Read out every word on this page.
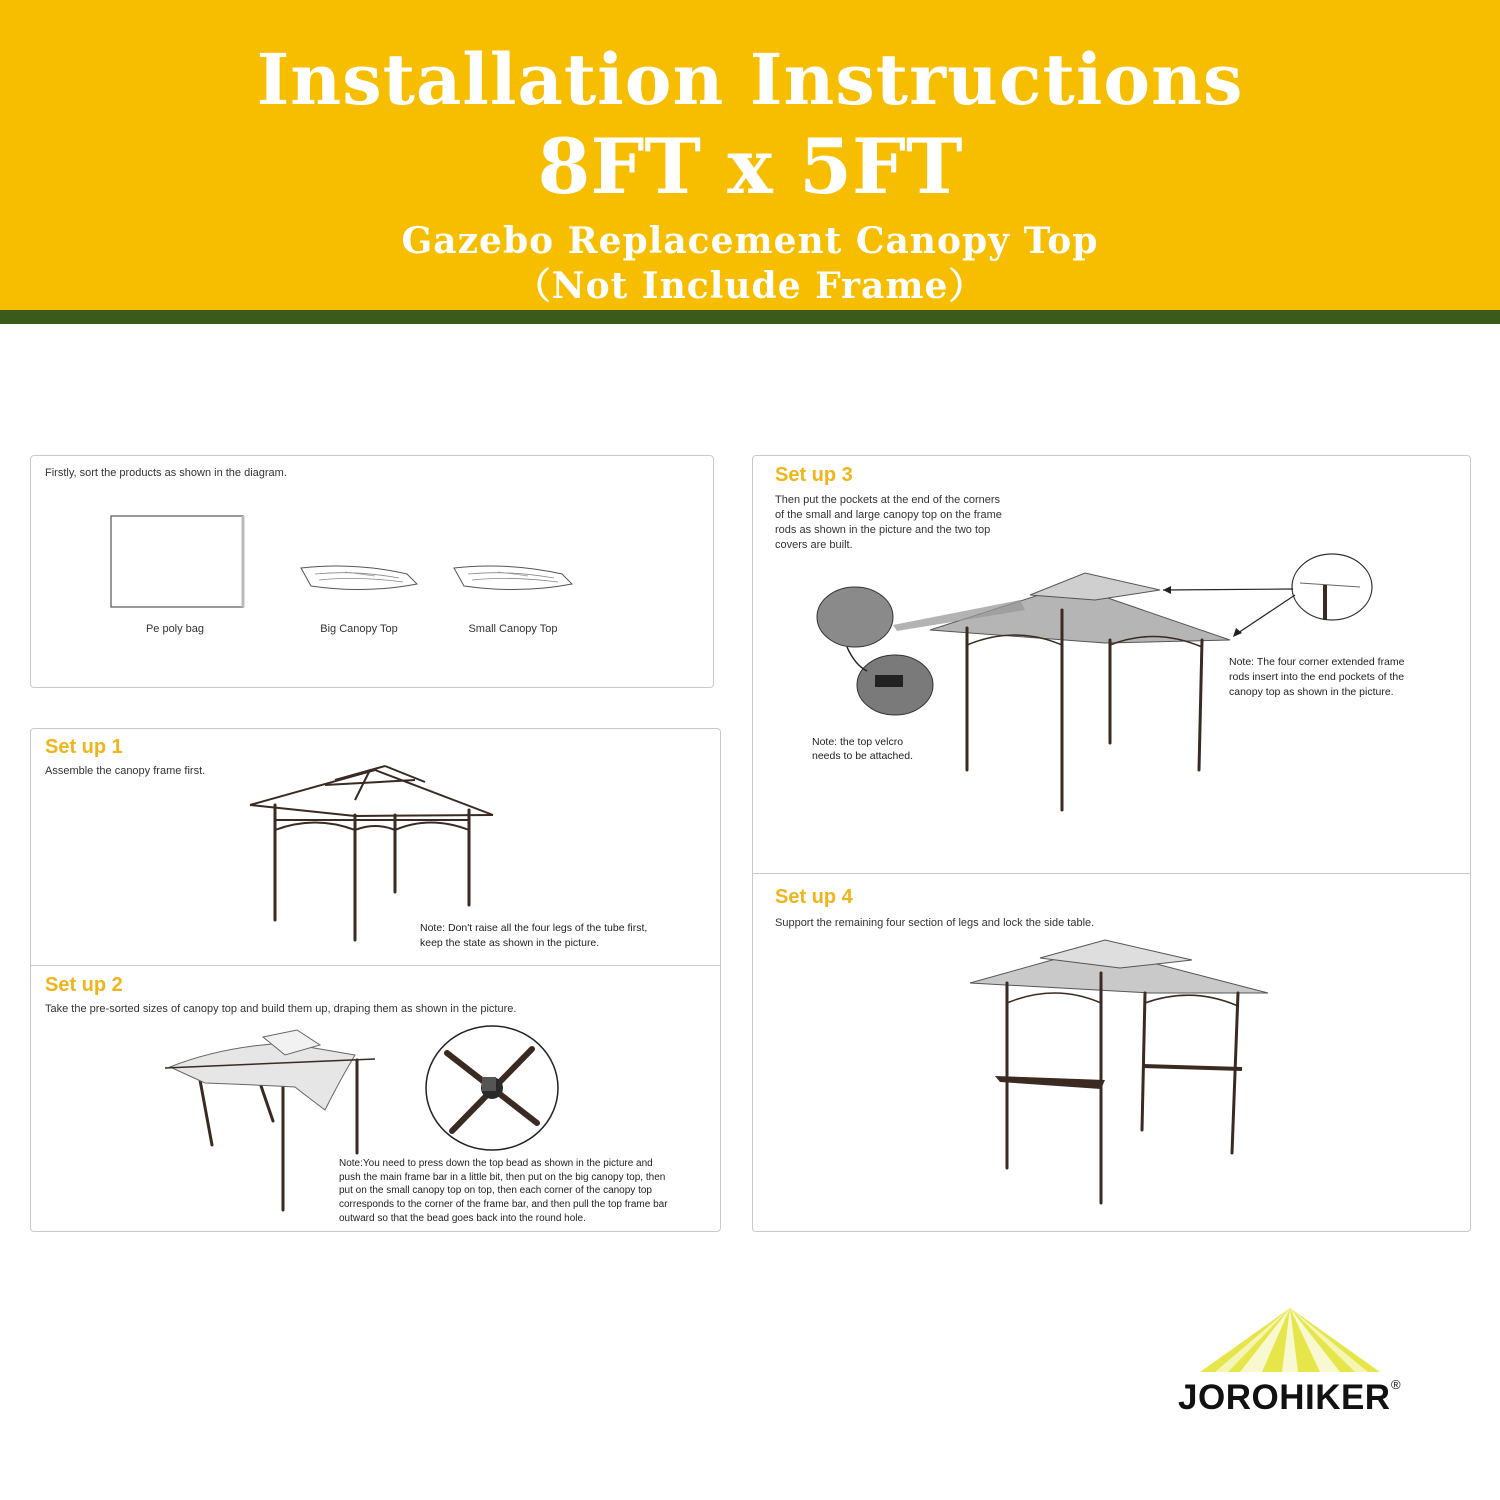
Installation Instructions

8FT x 5FT

Gazebo Replacement Canopy Top

（Not Include Frame）

Firstly, sort the products as shown in the diagram.

Pe poly bag	Big Canopy Top	Small Canopy Top

Set up 1

Assemble the canopy frame first.

Note: Don't raise all the four legs of the tube first,

keep the state as shown in the picture.

Set up 2

Take the pre-sorted sizes of canopy top and build them up, draping them as shown in the picture.

Note:You need to press down the top bead as shown in the picture and

push the main frame bar in a little bit, then put on the big canopy top, then

put on the small canopy top on top, then each corner of the canopy top

corresponds to the corner of the frame bar, and then pull the top frame bar

outward so that the bead goes back into the round hole.

Set up 3

Then put the pockets at the end of the corners

of the small and large canopy top on the frame

rods as shown in the picture and the two top

covers are built.

Note: The four corner extended frame

rods insert into the end pockets of the

canopy top as shown in the picture.

Note: the top velcro

needs to be attached.

Set up 4

Support the remaining four section of legs and lock the side table.

JOROHIKER ®
